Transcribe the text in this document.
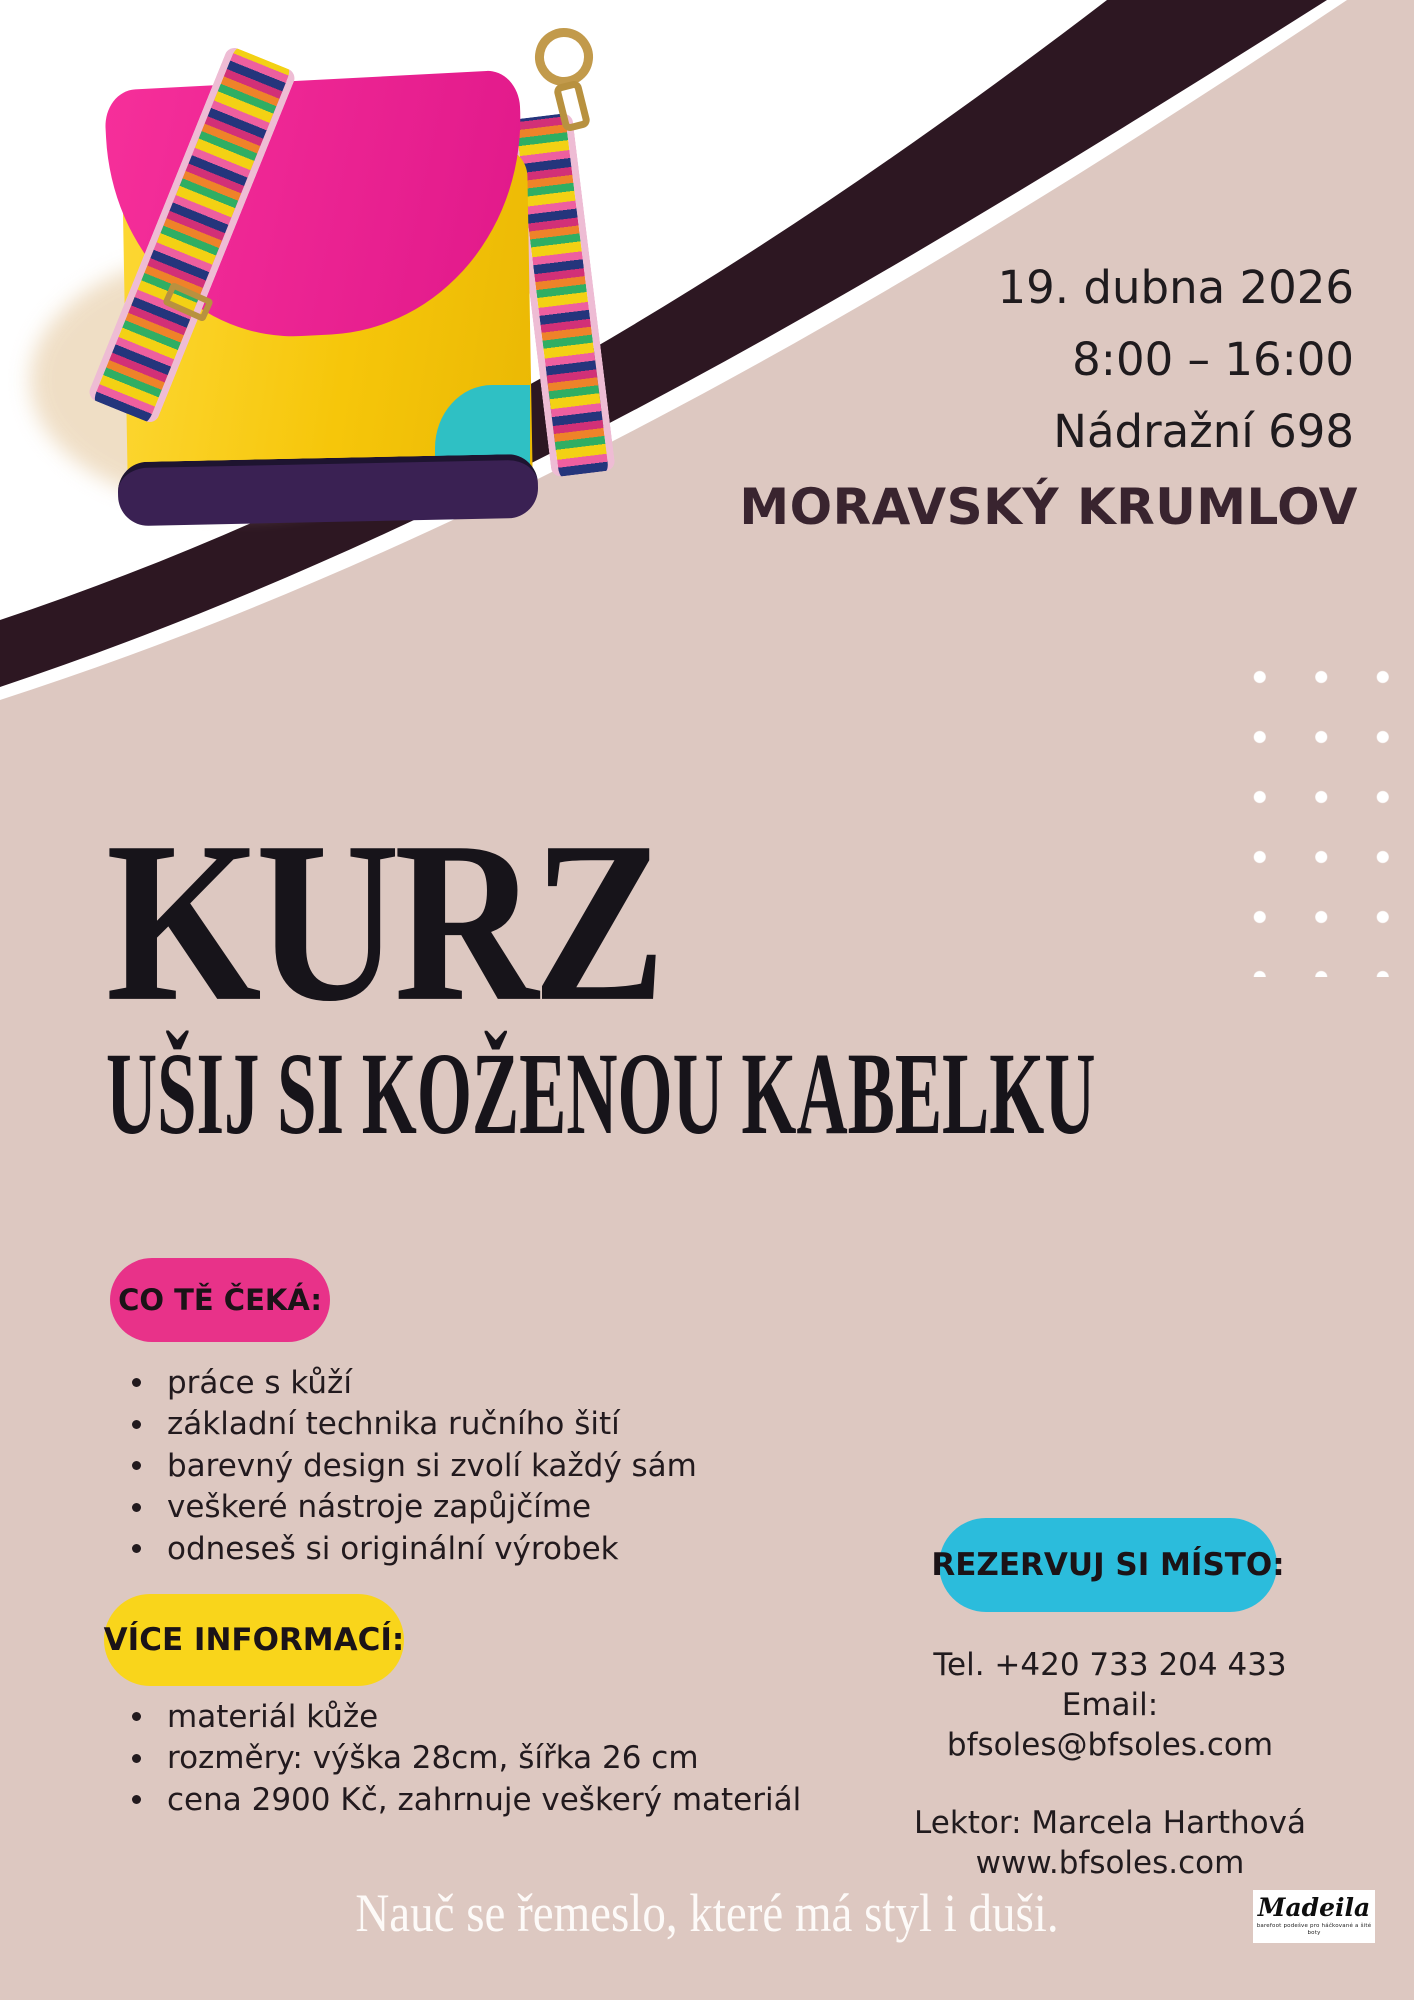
19. dubna 2026
8:00 – 16:00
Nádražní 698
MORAVSKÝ KRUMLOV
KURZ
UŠIJ SI KOŽENOU KABELKU
CO TĚ ČEKÁ:
práce s kůží
základní technika ručního šití
barevný design si zvolí každý sám
veškeré nástroje zapůjčíme
odneseš si originální výrobek
VÍCE INFORMACÍ:
materiál kůže
rozměry: výška 28cm, šířka 26 cm
cena 2900 Kč, zahrnuje veškerý materiál
REZERVUJ SI MÍSTO:
Tel. +420 733 204 433
Email: bfsoles@bfsoles.com
Lektor: Marcela Harthová
www.bfsoles.com
Nauč se řemeslo, které má styl i duši.	Madeila
barefoot podešve pro háčkované a šité boty
